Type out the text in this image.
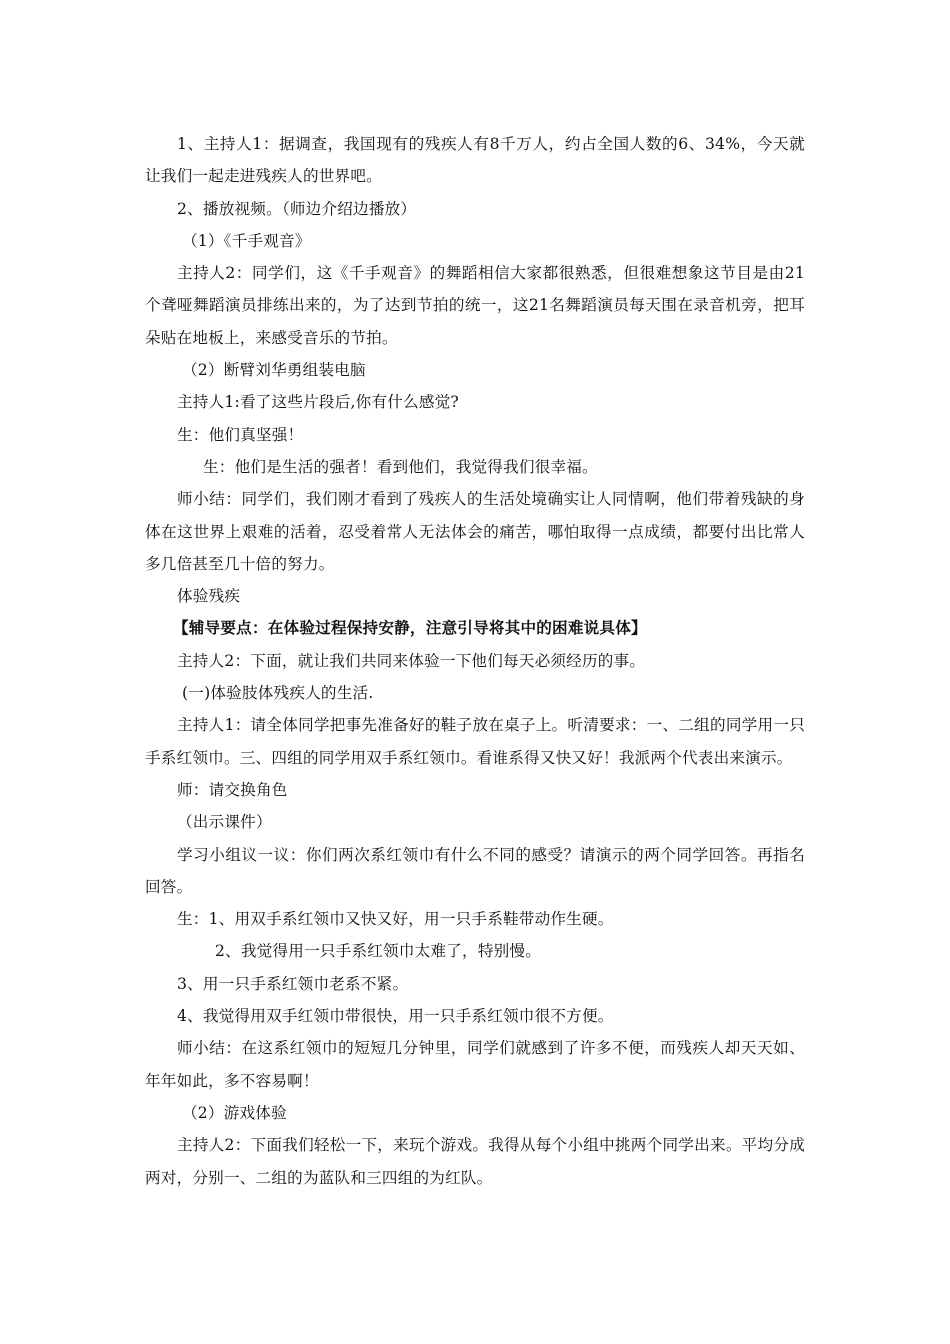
1、主持人1：据调查，我国现有的残疾人有8千万人，约占全国人数的6、34%，今天就让我们一起走进残疾人的世界吧。

2、播放视频。（师边介绍边播放）

（1）《千手观音》

主持人2：同学们，这《千手观音》的舞蹈相信大家都很熟悉，但很难想象这节目是由21个聋哑舞蹈演员排练出来的，为了达到节拍的统一，这21名舞蹈演员每天围在录音机旁，把耳朵贴在地板上，来感受音乐的节拍。

（2）断臂刘华勇组装电脑

主持人1:看了这些片段后,你有什么感觉?

生：他们真坚强！

生：他们是生活的强者！看到他们，我觉得我们很幸福。

师小结：同学们，我们刚才看到了残疾人的生活处境确实让人同情啊，他们带着残缺的身体在这世界上艰难的活着，忍受着常人无法体会的痛苦，哪怕取得一点成绩，都要付出比常人多几倍甚至几十倍的努力。

体验残疾

【辅导要点：在体验过程保持安静，注意引导将其中的困难说具体】

主持人2：下面，就让我们共同来体验一下他们每天必须经历的事。

(一)体验肢体残疾人的生活.

主持人1：请全体同学把事先准备好的鞋子放在桌子上。听清要求：一、二组的同学用一只手系红领巾。三、四组的同学用双手系红领巾。看谁系得又快又好！我派两个代表出来演示。

师：请交换角色

（出示课件）

学习小组议一议：你们两次系红领巾有什么不同的感受？请演示的两个同学回答。再指名回答。

生：1、用双手系红领巾又快又好，用一只手系鞋带动作生硬。

2、我觉得用一只手系红领巾太难了，特别慢。

3、用一只手系红领巾老系不紧。

4、我觉得用双手红领巾带很快，用一只手系红领巾很不方便。

师小结：在这系红领巾的短短几分钟里，同学们就感到了许多不便，而残疾人却天天如、年年如此，多不容易啊！

（2）游戏体验

主持人2：下面我们轻松一下，来玩个游戏。我得从每个小组中挑两个同学出来。平均分成两对，分别一、二组的为蓝队和三四组的为红队。
